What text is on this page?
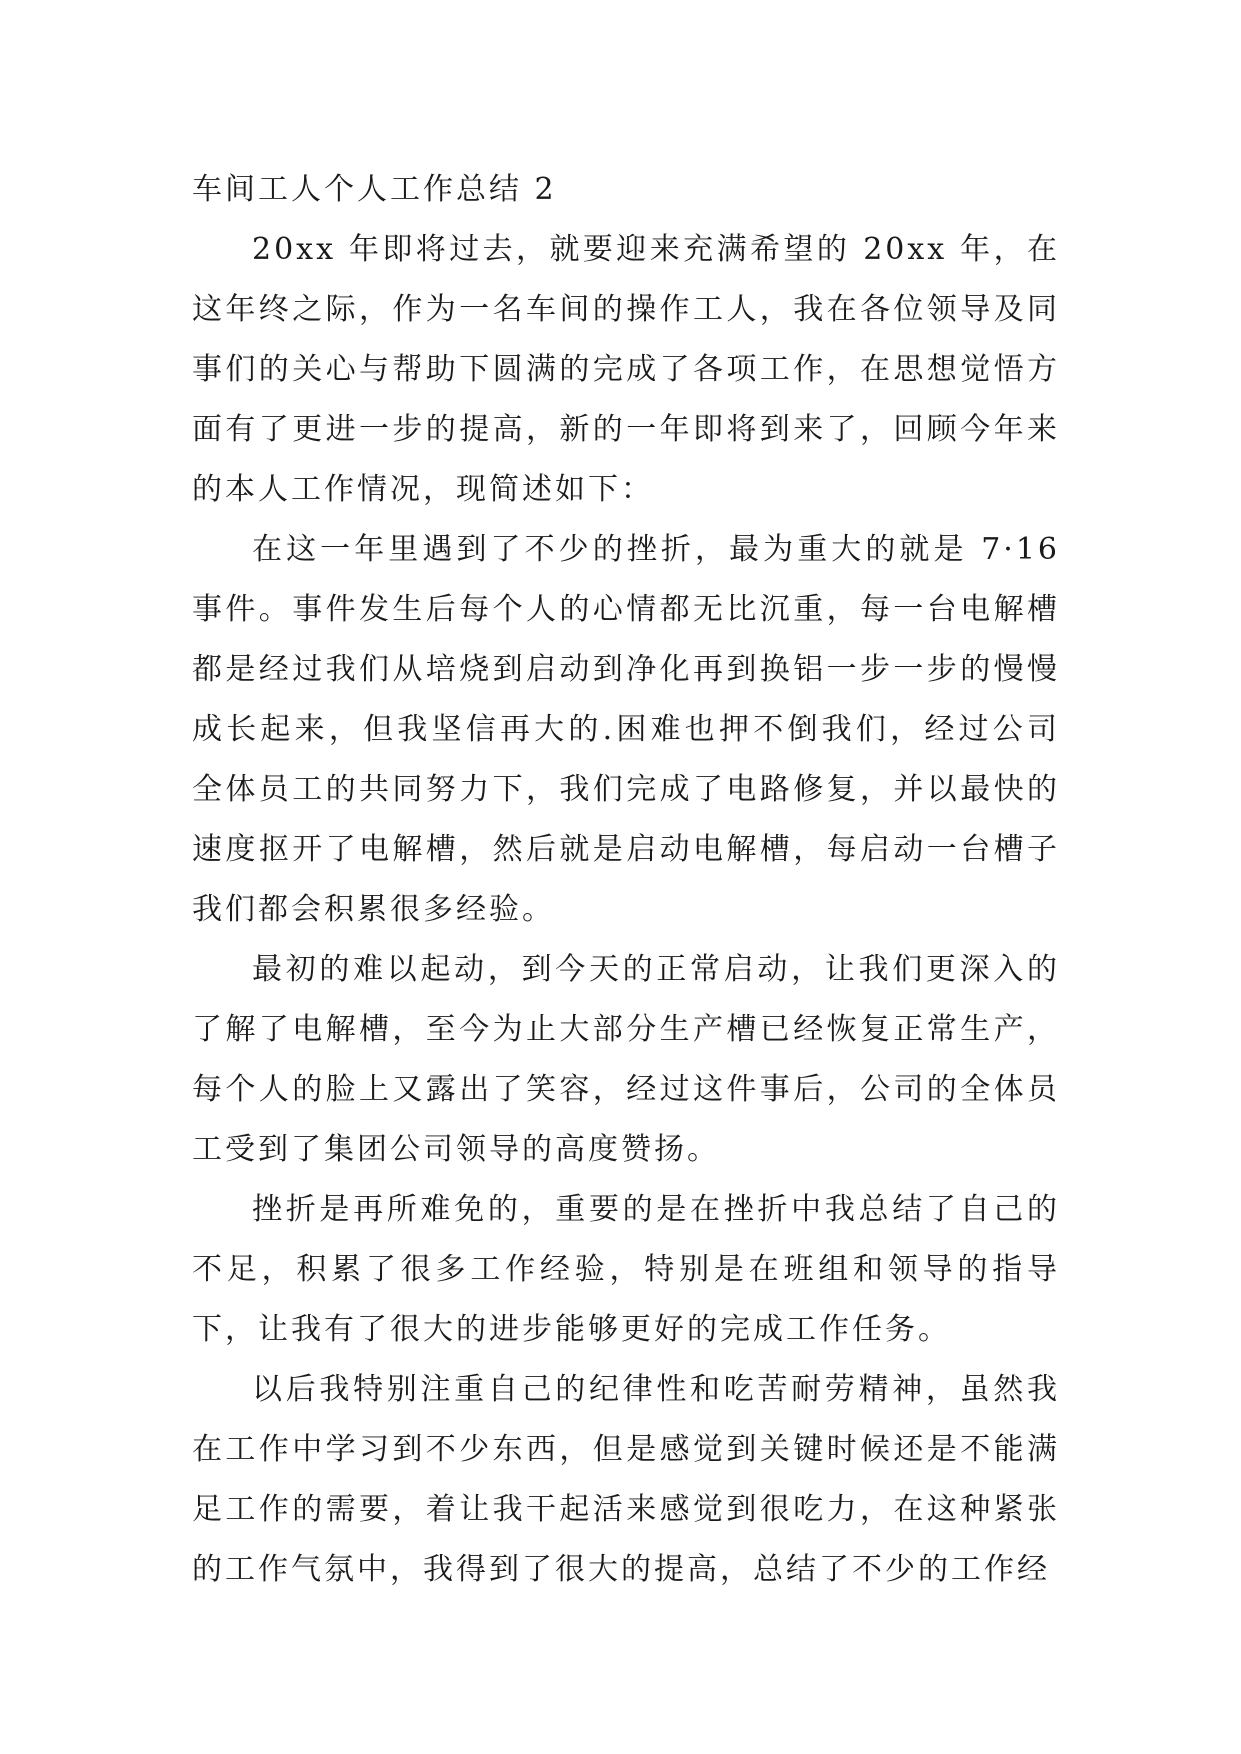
车间工人个人工作总结 2

20xx 年即将过去，就要迎来充满希望的 20xx 年，在这年终之际，作为一名车间的操作工人，我在各位领导及同事们的关心与帮助下圆满的完成了各项工作，在思想觉悟方面有了更进一步的提高，新的一年即将到来了，回顾今年来的本人工作情况，现简述如下：

在这一年里遇到了不少的挫折，最为重大的就是 7·16 事件。事件发生后每个人的心情都无比沉重，每一台电解槽都是经过我们从培烧到启动到净化再到换铝一步一步的慢慢成长起来，但我坚信再大的.困难也押不倒我们，经过公司全体员工的共同努力下，我们完成了电路修复，并以最快的速度抠开了电解槽，然后就是启动电解槽，每启动一台槽子我们都会积累很多经验。

最初的难以起动，到今天的正常启动，让我们更深入的了解了电解槽，至今为止大部分生产槽已经恢复正常生产，每个人的脸上又露出了笑容，经过这件事后，公司的全体员工受到了集团公司领导的高度赞扬。

挫折是再所难免的，重要的是在挫折中我总结了自己的不足，积累了很多工作经验，特别是在班组和领导的指导下，让我有了很大的进步能够更好的完成工作任务。

以后我特别注重自己的纪律性和吃苦耐劳精神，虽然我在工作中学习到不少东西，但是感觉到关键时候还是不能满足工作的需要，着让我干起活来感觉到很吃力，在这种紧张的工作气氛中，我得到了很大的提高，总结了不少的工作经
